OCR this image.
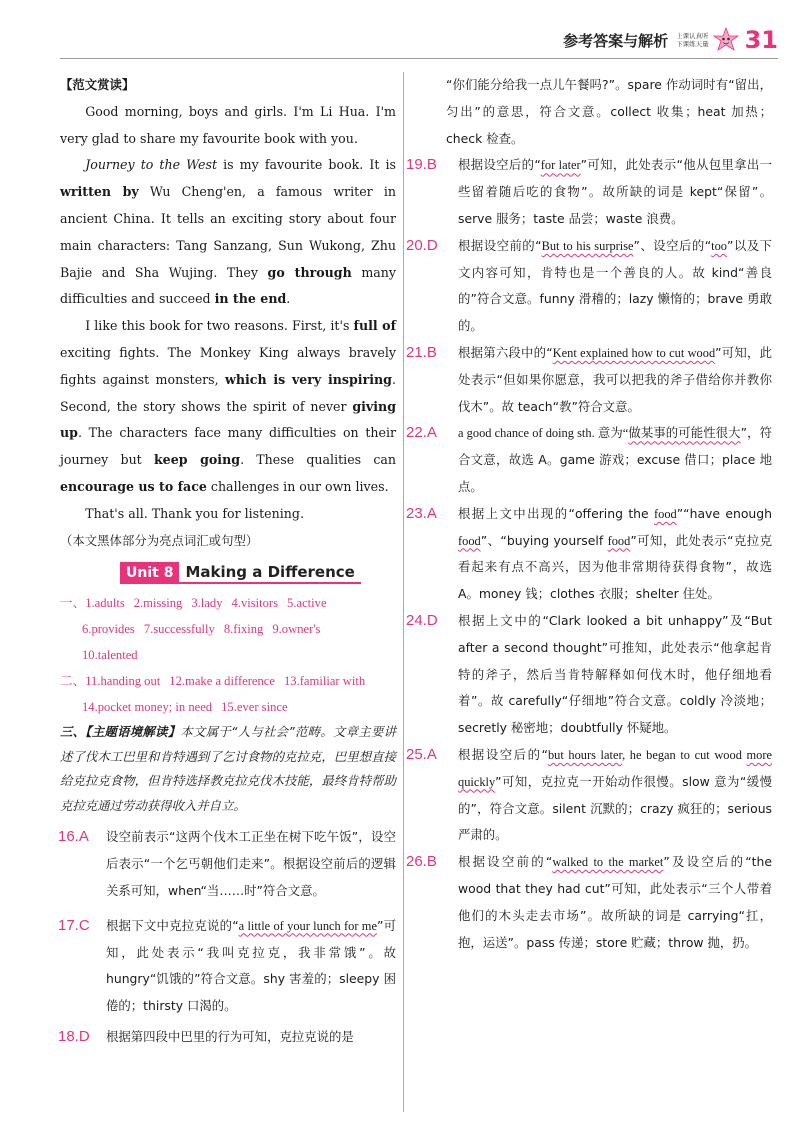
参考答案与解析 上课认真听
下课练天量 31

【范文赏读】

Good morning, boys and girls. I'm Li Hua. I'm very glad to share my favourite book with you.

Journey to the West is my favourite book. It is written by Wu Cheng'en, a famous writer in ancient China. It tells an exciting story about four main characters: Tang Sanzang, Sun Wukong, Zhu Bajie and Sha Wujing. They go through many difficulties and succeed in the end.

I like this book for two reasons. First, it's full of exciting fights. The Monkey King always bravely fights against monsters, which is very inspiring. Second, the story shows the spirit of never giving up. The characters face many difficulties on their journey but keep going. These qualities can encourage us to face challenges in our own lives.

That's all. Thank you for listening.

（本文黑体部分为亮点词汇或句型）

Unit 8 Making a Difference

一、1.adults 2.missing 3.lady 4.visitors 5.active

6.provides 7.successfully 8.fixing 9.owner's

10.talented

二、11.handing out 12.make a difference 13.familiar with

14.pocket money; in need 15.ever since

三、【主题语境解读】本文属于“人与社会”范畴。文章主要讲述了伐木工巴里和肯特遇到了乞讨食物的克拉克，巴里想直接给克拉克食物，但肯特选择教克拉克伐木技能，最终肯特帮助克拉克通过劳动获得收入并自立。

16.A 设空前表示“这两个伐木工正坐在树下吃午饭”，设空后表示“一个乞丐朝他们走来”。根据设空前后的逻辑关系可知，when“当……时”符合文意。

17.C 根据下文中克拉克说的“a little of your lunch for me”可知，此处表示“我叫克拉克，我非常饿”。故 hungry“饥饿的”符合文意。shy 害羞的；sleepy 困倦的；thirsty 口渴的。

18.D 根据第四段中巴里的行为可知，克拉克说的是

“你们能分给我一点儿午餐吗?”。spare 作动词时有“留出，匀出”的意思，符合文意。collect 收集；heat 加热；check 检查。

19.B 根据设空后的“for later”可知，此处表示“他从包里拿出一些留着随后吃的食物”。故所缺的词是 kept“保留”。serve 服务；taste 品尝；waste 浪费。

20.D 根据设空前的“But to his surprise”、设空后的“too”以及下文内容可知，肯特也是一个善良的人。故 kind“善良的”符合文意。funny 滑稽的；lazy 懒惰的；brave 勇敢的。

21.B 根据第六段中的“Kent explained how to cut wood”可知，此处表示“但如果你愿意，我可以把我的斧子借给你并教你伐木”。故 teach“教”符合文意。

22.A a good chance of doing sth. 意为“做某事的可能性很大”，符合文意，故选 A。game 游戏；excuse 借口；place 地点。

23.A 根据上文中出现的“offering the food”“have enough food”、“buying yourself food”可知，此处表示“克拉克看起来有点不高兴，因为他非常期待获得食物”，故选 A。money 钱；clothes 衣服；shelter 住处。

24.D 根据上文中的“Clark looked a bit unhappy”及“But after a second thought”可推知，此处表示“他拿起肯特的斧子，然后当肯特解释如何伐木时，他仔细地看着”。故 carefully“仔细地”符合文意。coldly 冷淡地；secretly 秘密地；doubtfully 怀疑地。

25.A 根据设空后的“but hours later, he began to cut wood more quickly”可知，克拉克一开始动作很慢。slow 意为“缓慢的”，符合文意。silent 沉默的；crazy 疯狂的；serious 严肃的。

26.B 根据设空前的“walked to the market”及设空后的“the wood that they had cut”可知，此处表示“三个人带着他们的木头走去市场”。故所缺的词是 carrying“扛，抱，运送”。pass 传递；store 贮藏；throw 抛，扔。
